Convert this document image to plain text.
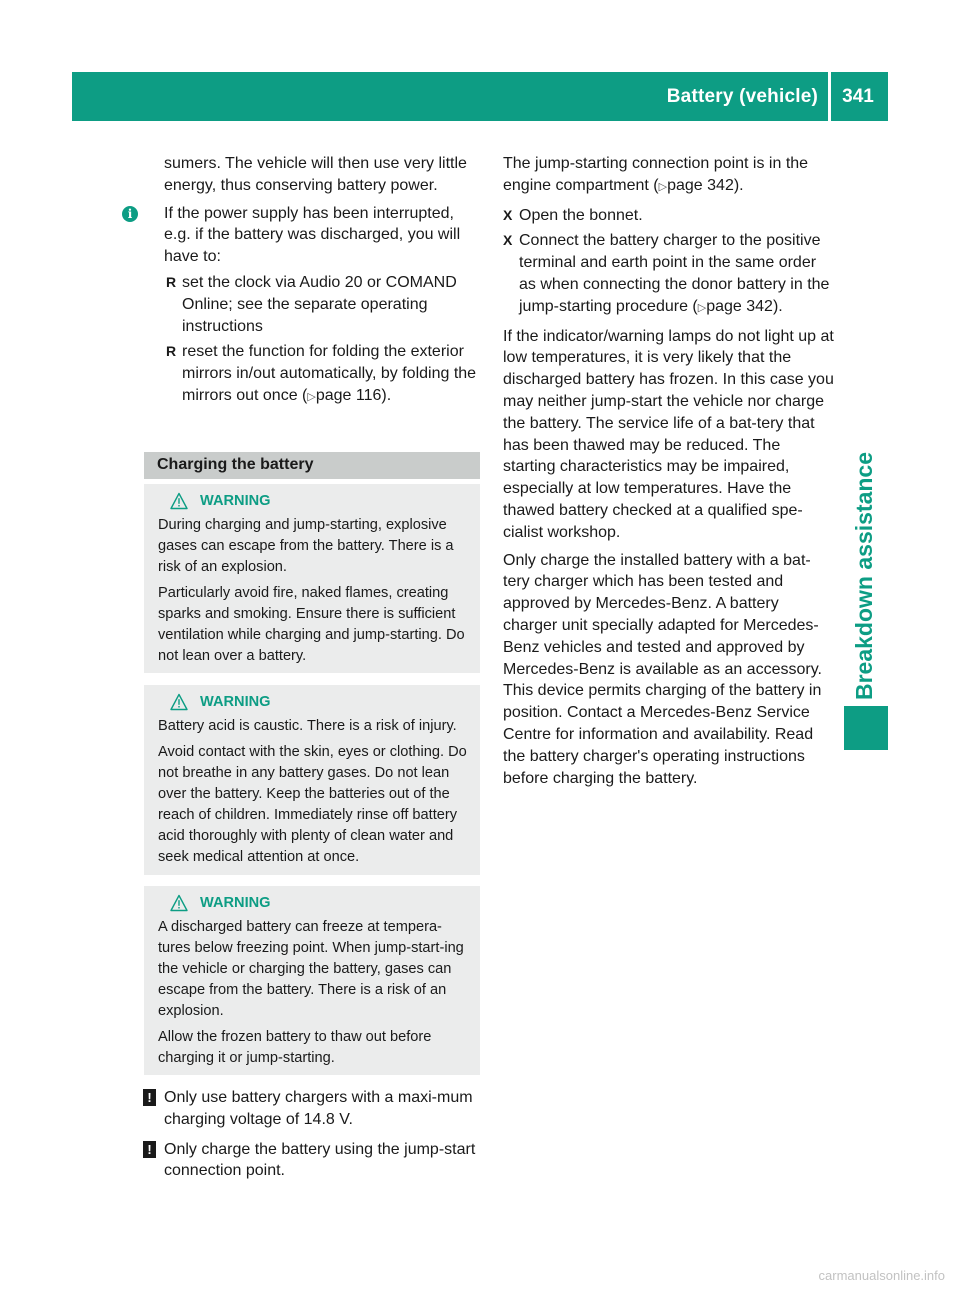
Battery (vehicle)	341
Breakdown assistance

sumers. The vehicle will then use very little energy, thus conserving battery power.

i	If the power supply has been interrupted, e.g. if the battery was discharged, you will have to:

R set the clock via Audio 20 or COMAND Online; see the separate operating instructions
R reset the function for folding the exterior mirrors in/out automatically, by folding the mirrors out once (▷page 116).
Charging the battery
WARNING

During charging and jump-starting, explosive gases can escape from the battery. There is a risk of an explosion.

Particularly avoid fire, naked flames, creating sparks and smoking. Ensure there is sufficient ventilation while charging and jump-starting. Do not lean over a battery.

WARNING

Battery acid is caustic. There is a risk of injury.

Avoid contact with the skin, eyes or clothing. Do not breathe in any battery gases. Do not lean over the battery. Keep the batteries out of the reach of children. Immediately rinse off battery acid thoroughly with plenty of clean water and seek medical attention at once.

WARNING

A discharged battery can freeze at tempera-tures below freezing point. When jump-start-ing the vehicle or charging the battery, gases can escape from the battery. There is a risk of an explosion.

Allow the frozen battery to thaw out before charging it or jump-starting.

! Only use battery chargers with a maxi-mum charging voltage of 14.8 V.
! Only charge the battery using the jump-start connection point.

The jump-starting connection point is in the engine compartment (▷page 342).

X Open the bonnet.
X Connect the battery charger to the positive terminal and earth point in the same order as when connecting the donor battery in the jump-starting procedure (▷page 342).

If the indicator/warning lamps do not light up at low temperatures, it is very likely that the discharged battery has frozen. In this case you may neither jump-start the vehicle nor charge the battery. The service life of a bat-tery that has been thawed may be reduced. The starting characteristics may be impaired, especially at low temperatures. Have the thawed battery checked at a qualified spe-cialist workshop.

Only charge the installed battery with a bat-tery charger which has been tested and approved by Mercedes-Benz. A battery charger unit specially adapted for Mercedes-Benz vehicles and tested and approved by Mercedes-Benz is available as an accessory. This device permits charging of the battery in position. Contact a Mercedes-Benz Service Centre for information and availability. Read the battery charger's operating instructions before charging the battery.

carmanualsonline.info
